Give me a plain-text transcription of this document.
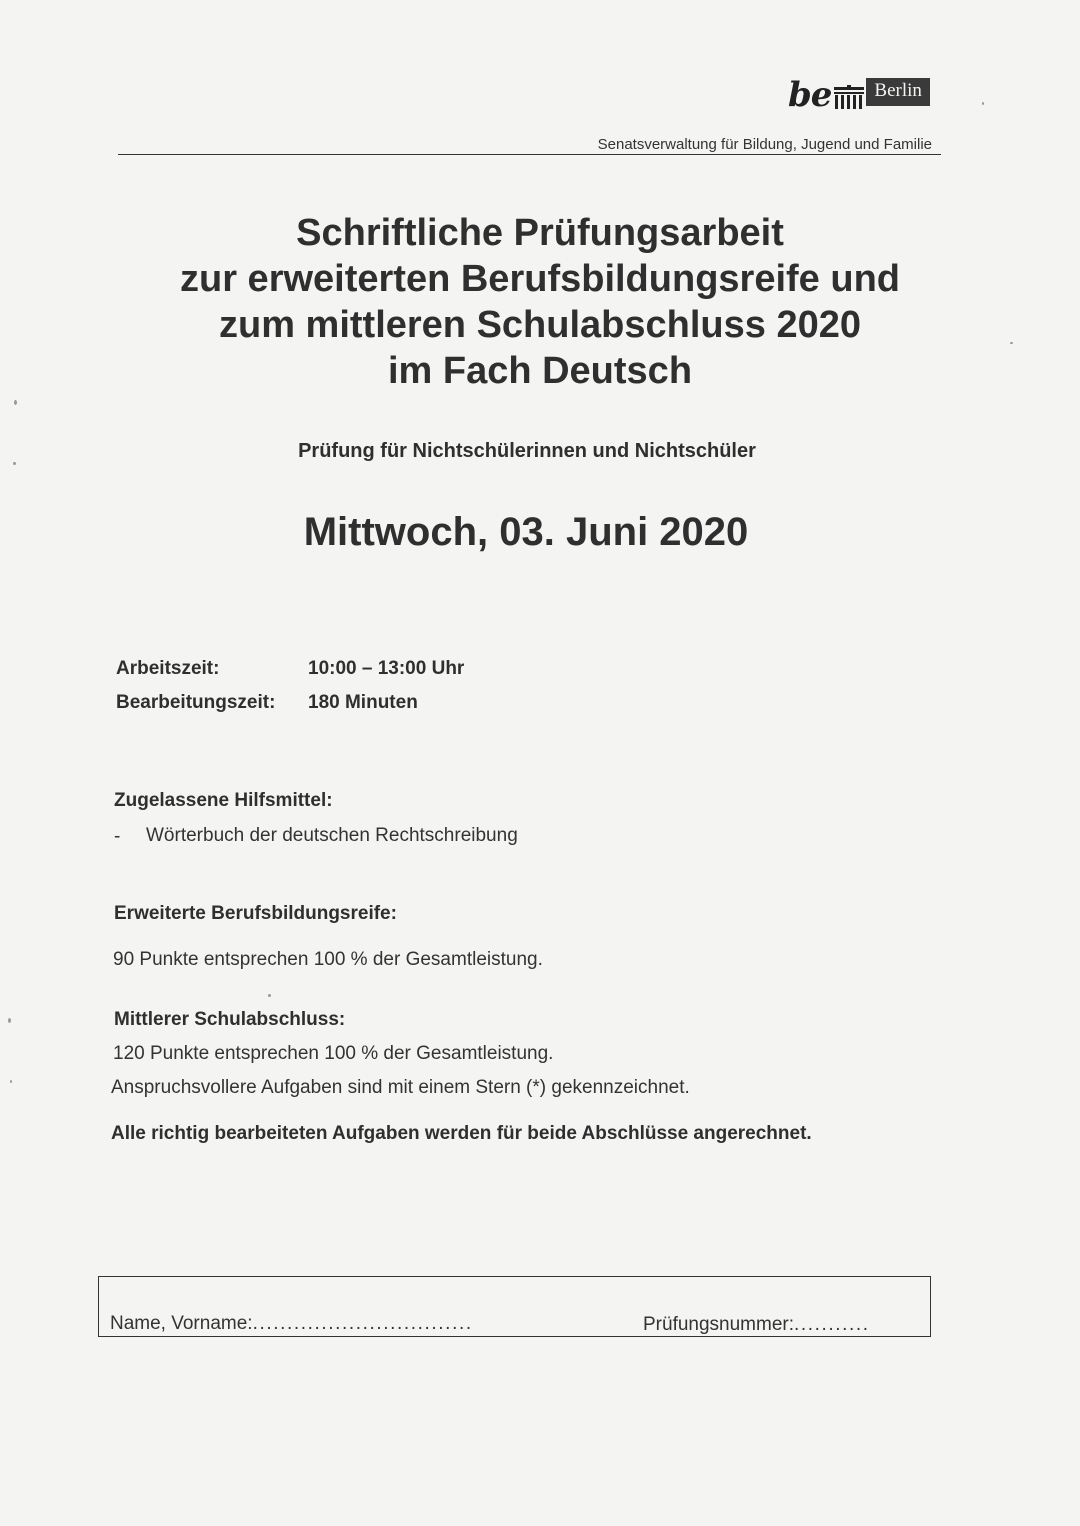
be	Berlin
Senatsverwaltung für Bildung, Jugend und Familie
Schriftliche Prüfungsarbeit
zur erweiterten Berufsbildungsreife und
zum mittleren Schulabschluss 2020
im Fach Deutsch
Prüfung für Nichtschülerinnen und Nichtschüler
Mittwoch, 03. Juni 2020
Arbeitszeit:	10:00 – 13:00 Uhr
Bearbeitungszeit:	180 Minuten
Zugelassene Hilfsmittel:
- Wörterbuch der deutschen Rechtschreibung
Erweiterte Berufsbildungsreife:
90 Punkte entsprechen 100 % der Gesamtleistung.
Mittlerer Schulabschluss:
120 Punkte entsprechen 100 % der Gesamtleistung.
Anspruchsvollere Aufgaben sind mit einem Stern (*) gekennzeichnet.
Alle richtig bearbeiteten Aufgaben werden für beide Abschlüsse angerechnet.
Name, Vorname:................................	Prüfungsnummer:...........
